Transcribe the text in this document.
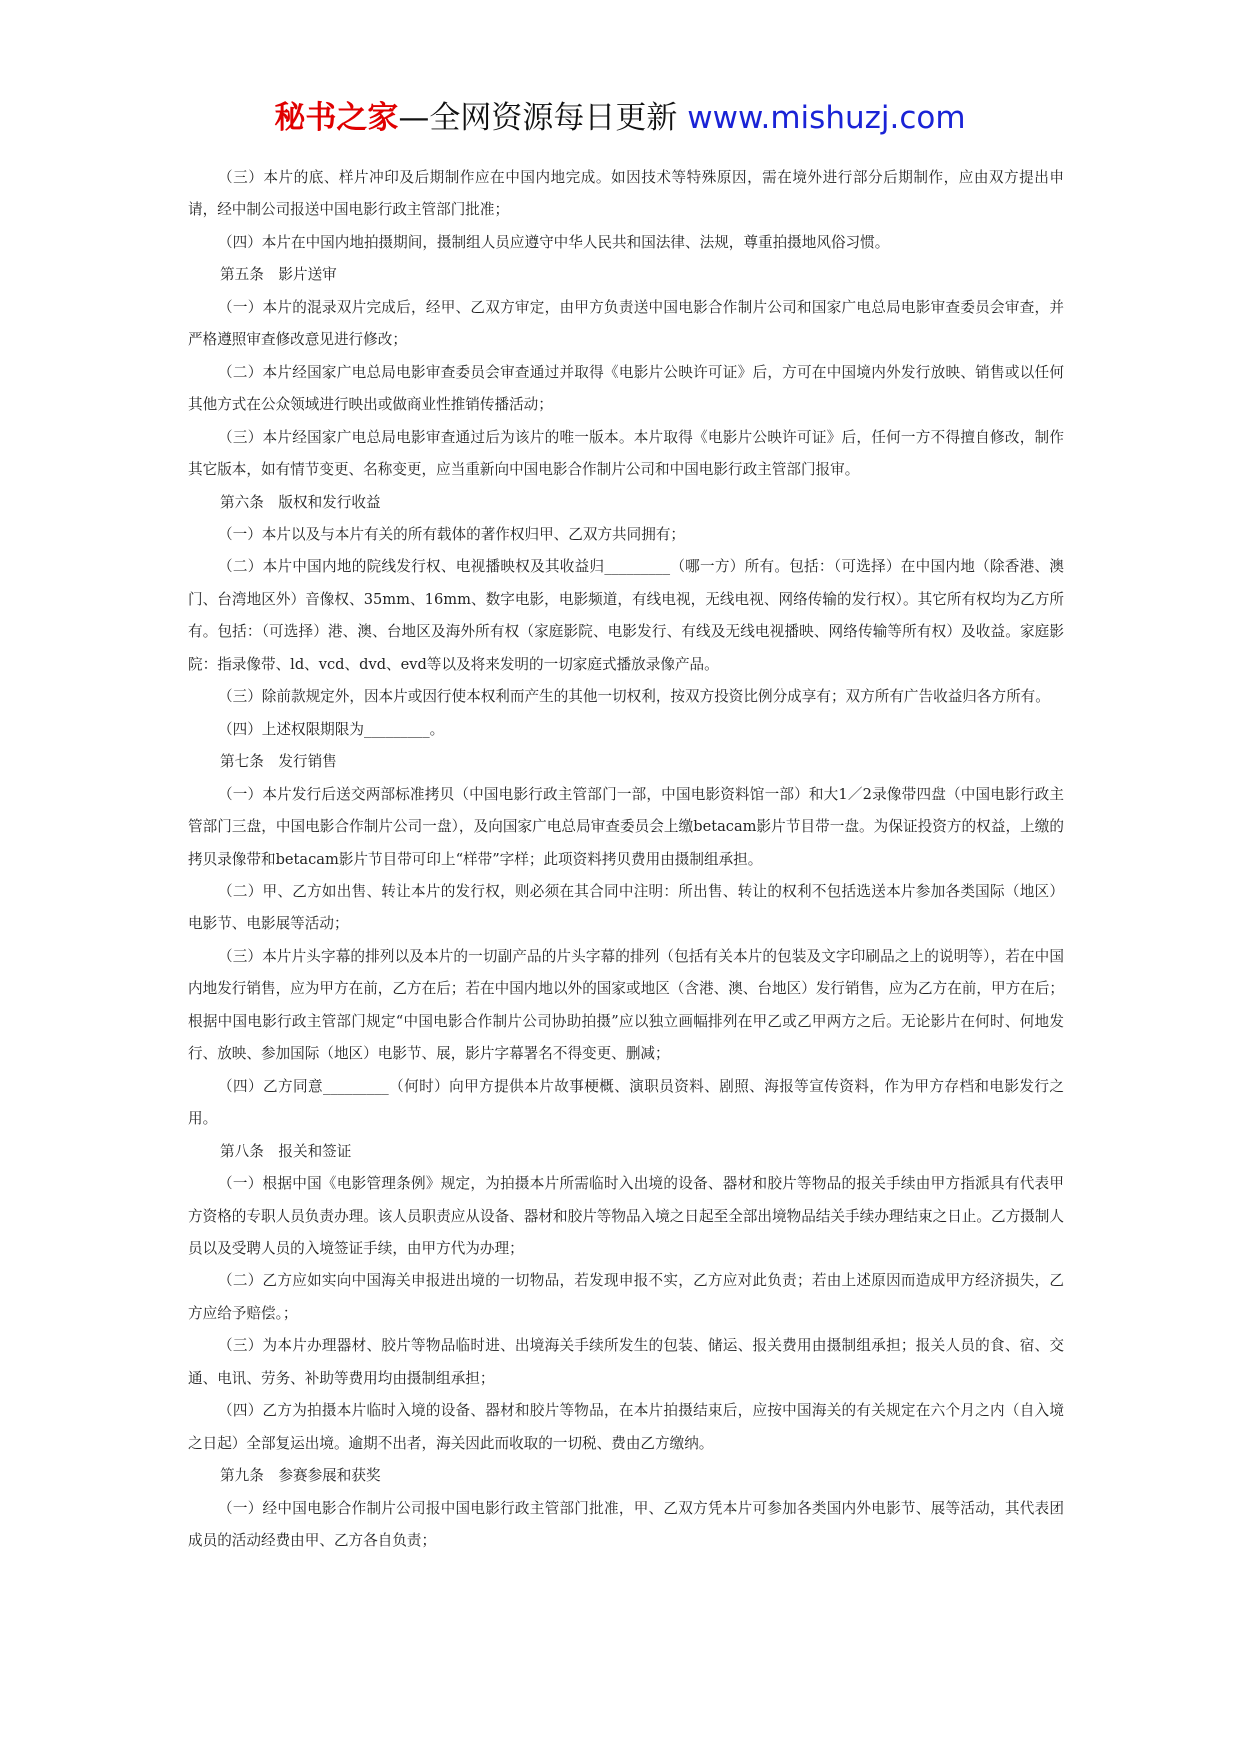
秘书之家—全网资源每日更新 www.mishuzj.com

（三）本片的底、样片冲印及后期制作应在中国内地完成。如因技术等特殊原因，需在境外进行部分后期制作，应由双方提出申请，经中制公司报送中国电影行政主管部门批准；

（四）本片在中国内地拍摄期间，摄制组人员应遵守中华人民共和国法律、法规，尊重拍摄地风俗习惯。

第五条　影片送审

（一）本片的混录双片完成后，经甲、乙双方审定，由甲方负责送中国电影合作制片公司和国家广电总局电影审查委员会审查，并严格遵照审查修改意见进行修改；

（二）本片经国家广电总局电影审查委员会审查通过并取得《电影片公映许可证》后，方可在中国境内外发行放映、销售或以任何其他方式在公众领域进行映出或做商业性推销传播活动；

（三）本片经国家广电总局电影审查通过后为该片的唯一版本。本片取得《电影片公映许可证》后，任何一方不得擅自修改，制作其它版本，如有情节变更、名称变更，应当重新向中国电影合作制片公司和中国电影行政主管部门报审。

第六条　版权和发行收益

（一）本片以及与本片有关的所有载体的著作权归甲、乙双方共同拥有；

（二）本片中国内地的院线发行权、电视播映权及其收益归_________（哪一方）所有。包括：（可选择）在中国内地（除香港、澳门、台湾地区外）音像权、35mm、16mm、数字电影，电影频道，有线电视，无线电视、网络传输的发行权）。其它所有权均为乙方所有。包括：（可选择）港、澳、台地区及海外所有权（家庭影院、电影发行、有线及无线电视播映、网络传输等所有权）及收益。家庭影院：指录像带、ld、vcd、dvd、evd等以及将来发明的一切家庭式播放录像产品。

（三）除前款规定外，因本片或因行使本权利而产生的其他一切权利，按双方投资比例分成享有；双方所有广告收益归各方所有。

（四）上述权限期限为_________。

第七条　发行销售

（一）本片发行后送交两部标准拷贝（中国电影行政主管部门一部，中国电影资料馆一部）和大1／2录像带四盘（中国电影行政主管部门三盘，中国电影合作制片公司一盘），及向国家广电总局审查委员会上缴betacam影片节目带一盘。为保证投资方的权益，上缴的拷贝录像带和betacam影片节目带可印上“样带”字样；此项资料拷贝费用由摄制组承担。

（二）甲、乙方如出售、转让本片的发行权，则必须在其合同中注明：所出售、转让的权利不包括选送本片参加各类国际（地区）电影节、电影展等活动；

（三）本片片头字幕的排列以及本片的一切副产品的片头字幕的排列（包括有关本片的包装及文字印刷品之上的说明等），若在中国内地发行销售，应为甲方在前，乙方在后；若在中国内地以外的国家或地区（含港、澳、台地区）发行销售，应为乙方在前，甲方在后；根据中国电影行政主管部门规定“中国电影合作制片公司协助拍摄”应以独立画幅排列在甲乙或乙甲两方之后。无论影片在何时、何地发行、放映、参加国际（地区）电影节、展，影片字幕署名不得变更、删减；

（四）乙方同意_________（何时）向甲方提供本片故事梗概、演职员资料、剧照、海报等宣传资料，作为甲方存档和电影发行之用。

第八条　报关和签证

（一）根据中国《电影管理条例》规定，为拍摄本片所需临时入出境的设备、器材和胶片等物品的报关手续由甲方指派具有代表甲方资格的专职人员负责办理。该人员职责应从设备、器材和胶片等物品入境之日起至全部出境物品结关手续办理结束之日止。乙方摄制人员以及受聘人员的入境签证手续，由甲方代为办理；

（二）乙方应如实向中国海关申报进出境的一切物品，若发现申报不实，乙方应对此负责；若由上述原因而造成甲方经济损失，乙方应给予赔偿。；

（三）为本片办理器材、胶片等物品临时进、出境海关手续所发生的包装、储运、报关费用由摄制组承担；报关人员的食、宿、交通、电讯、劳务、补助等费用均由摄制组承担；

（四）乙方为拍摄本片临时入境的设备、器材和胶片等物品，在本片拍摄结束后，应按中国海关的有关规定在六个月之内（自入境之日起）全部复运出境。逾期不出者，海关因此而收取的一切税、费由乙方缴纳。

第九条　参赛参展和获奖

（一）经中国电影合作制片公司报中国电影行政主管部门批准，甲、乙双方凭本片可参加各类国内外电影节、展等活动，其代表团成员的活动经费由甲、乙方各自负责；
